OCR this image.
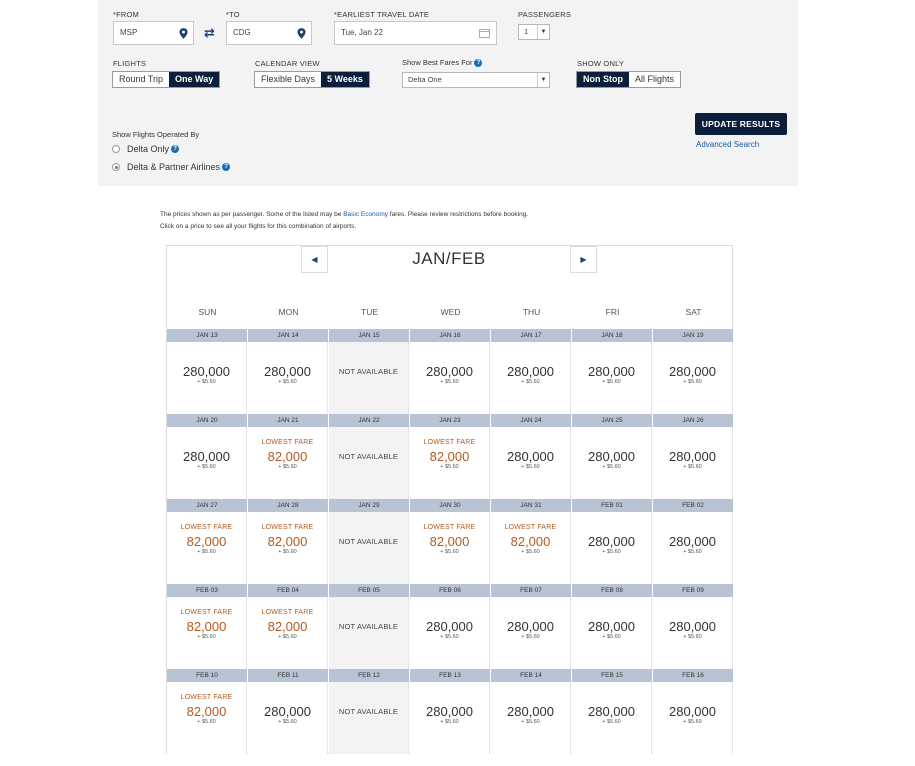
*FROM
MSP	⇄
*TO
CDG
*EARLIEST TRAVEL DATE
Tue, Jan 22
PASSENGERS
1	▼
FLIGHTS
Round Trip	One Way
CALENDAR VIEW
Flexible Days	5 Weeks
Show Best Fares For ?
Delta One	▼
SHOW ONLY
Non Stop	All Flights
Show Flights Operated By
Delta Only ?
Delta & Partner Airlines ?
UPDATE RESULTS
Advanced Search
The prices shown as per passenger. Some of the listed may be Basic Economy fares. Please review restrictions before booking. Click on a price to see all your flights for this combination of airports.
◀	JAN/FEB	▶
SUN	MON	TUE	WED	THU	FRI	SAT
JAN 13
280,000
+ $5.60
JAN 14
280,000
+ $5.60
JAN 15
NOT AVAILABLE
JAN 16
280,000
+ $5.60
JAN 17
280,000
+ $5.60
JAN 18
280,000
+ $5.60
JAN 19
280,000
+ $5.60
JAN 20
280,000
+ $5.60
JAN 21
LOWEST FARE
82,000
+ $5.60
JAN 22
NOT AVAILABLE
JAN 23
LOWEST FARE
82,000
+ $5.60
JAN 24
280,000
+ $5.60
JAN 25
280,000
+ $5.60
JAN 26
280,000
+ $5.60
JAN 27
LOWEST FARE
82,000
+ $5.60
JAN 28
LOWEST FARE
82,000
+ $5.60
JAN 29
NOT AVAILABLE
JAN 30
LOWEST FARE
82,000
+ $5.60
JAN 31
LOWEST FARE
82,000
+ $5.60
FEB 01
280,000
+ $5.60
FEB 02
280,000
+ $5.60
FEB 03
LOWEST FARE
82,000
+ $5.60
FEB 04
LOWEST FARE
82,000
+ $5.60
FEB 05
NOT AVAILABLE
FEB 06
280,000
+ $5.60
FEB 07
280,000
+ $5.60
FEB 08
280,000
+ $5.60
FEB 09
280,000
+ $5.60
FEB 10
LOWEST FARE
82,000
+ $5.60
FEB 11
280,000
+ $5.60
FEB 12
NOT AVAILABLE
FEB 13
280,000
+ $5.60
FEB 14
280,000
+ $5.60
FEB 15
280,000
+ $5.60
FEB 16
280,000
+ $5.60
